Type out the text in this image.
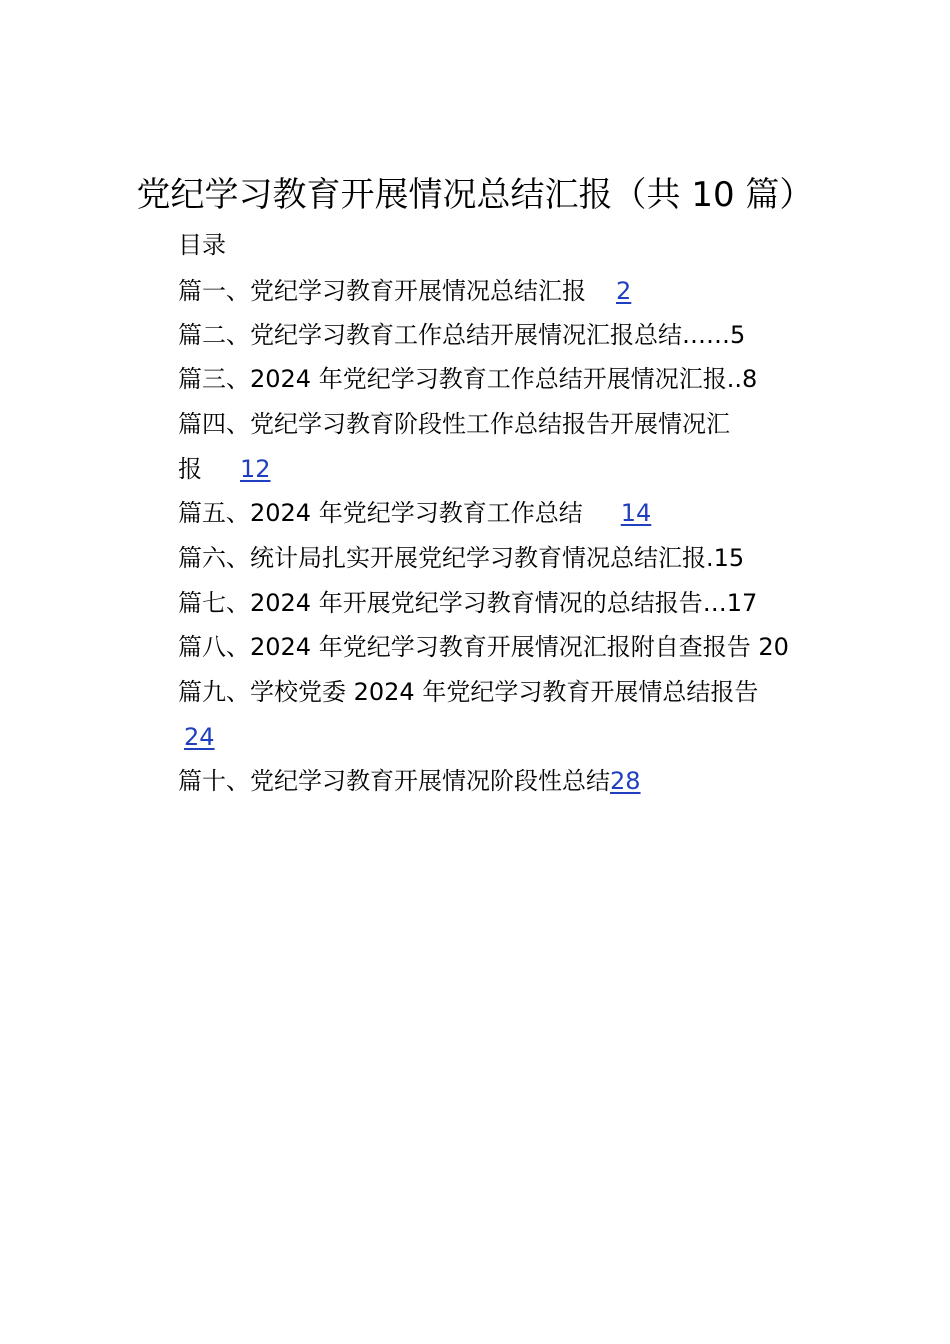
党纪学习教育开展情况总结汇报（共 10 篇）
目录
篇一、党纪学习教育开展情况总结汇报 2
篇二、党纪学习教育工作总结开展情况汇报总结……5
篇三、2024 年党纪学习教育工作总结开展情况汇报..8
篇四、党纪学习教育阶段性工作总结报告开展情况汇
报 12
篇五、2024 年党纪学习教育工作总结 14
篇六、统计局扎实开展党纪学习教育情况总结汇报.15
篇七、2024 年开展党纪学习教育情况的总结报告…17
篇八、2024 年党纪学习教育开展情况汇报附自查报告 20
篇九、学校党委 2024 年党纪学习教育开展情总结报告
24
篇十、党纪学习教育开展情况阶段性总结28
